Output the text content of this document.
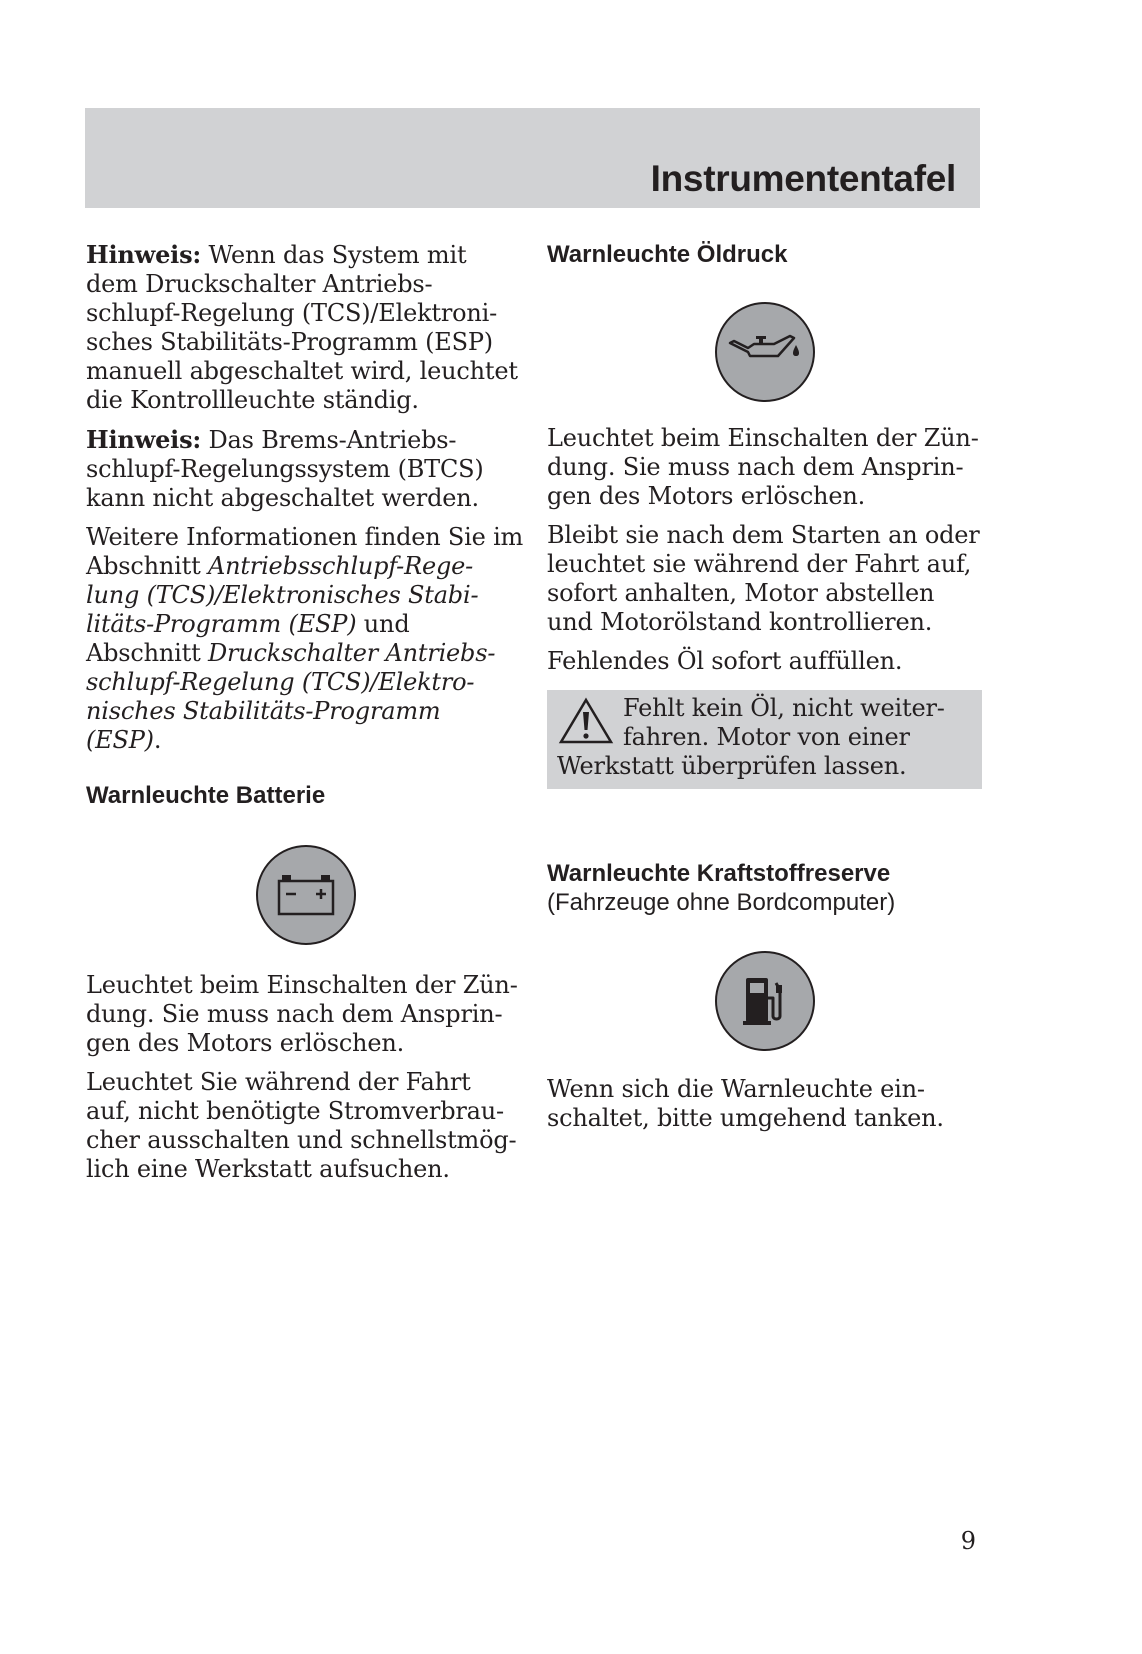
Instrumententafel

Hinweis: Wenn das System mit
dem Druckschalter Antriebs-
schlupf-Regelung (TCS)/Elektroni-
sches Stabilitäts-Programm (ESP)
manuell abgeschaltet wird, leuchtet
die Kontrollleuchte ständig.

Hinweis: Das Brems-Antriebs-
schlupf-Regelungssystem (BTCS)
kann nicht abgeschaltet werden.

Weitere Informationen finden Sie im
Abschnitt Antriebsschlupf-Rege-
lung (TCS)/Elektronisches Stabi-
litäts-Programm (ESP) und
Abschnitt Druckschalter Antriebs-
schlupf-Regelung (TCS)/Elektro-
nisches Stabilitäts-Programm
(ESP).

Warnleuchte Batterie

Leuchtet beim Einschalten der Zün-
dung. Sie muss nach dem Ansprin-
gen des Motors erlöschen.

Leuchtet Sie während der Fahrt
auf, nicht benötigte Stromverbrau-
cher ausschalten und schnellstmög-
lich eine Werkstatt aufsuchen.

Warnleuchte Öldruck

Leuchtet beim Einschalten der Zün-
dung. Sie muss nach dem Ansprin-
gen des Motors erlöschen.

Bleibt sie nach dem Starten an oder
leuchtet sie während der Fahrt auf,
sofort anhalten, Motor abstellen
und Motorölstand kontrollieren.

Fehlendes Öl sofort auffüllen.

Fehlt kein Öl, nicht weiter-
fahren. Motor von einer
Werkstatt überprüfen lassen.

Warnleuchte Kraftstoffreserve
(Fahrzeuge ohne Bordcomputer)

Wenn sich die Warnleuchte ein-
schaltet, bitte umgehend tanken.

9
